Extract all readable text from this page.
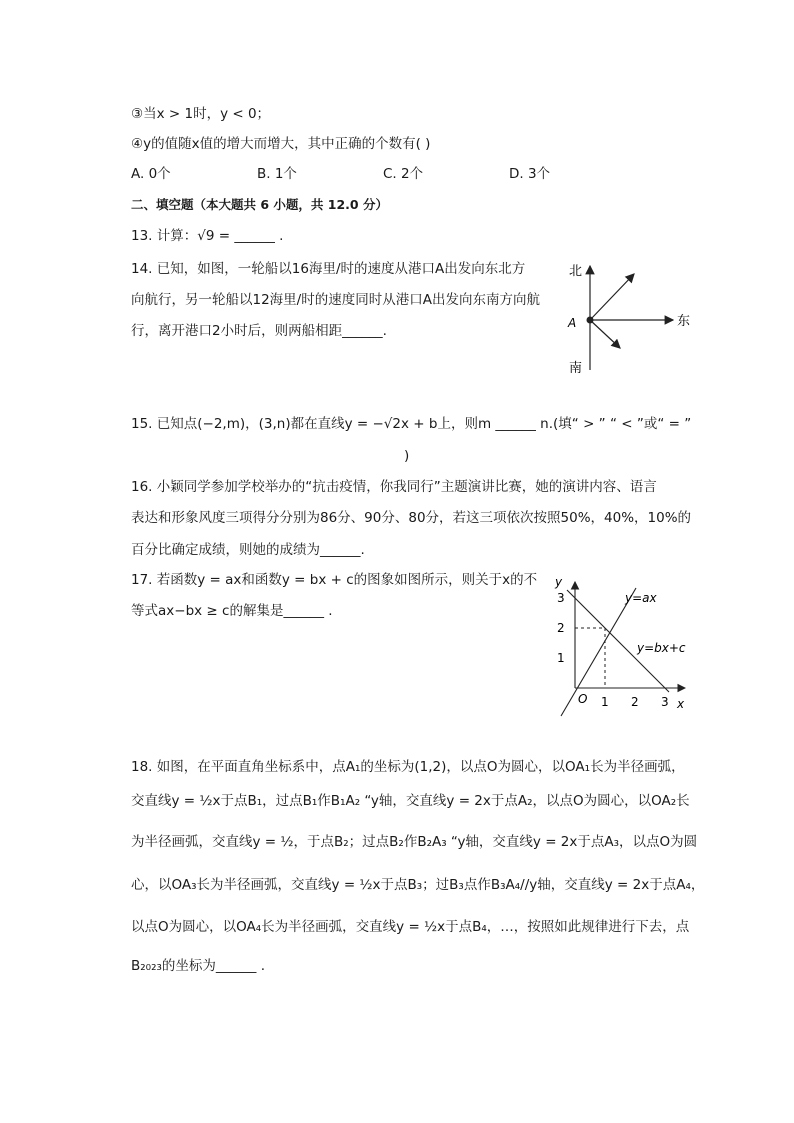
③当x > 1时，y < 0；
④y的值随x值的增大而增大，其中正确的个数有( )
A. 0个	B. 1个	C. 2个	D. 3个
二、填空题（本大题共 6 小题，共 12.0 分）
13. 计算：√9 = ______ .
14. 已知，如图，一轮船以16海里/时的速度从港口A出发向东北方
向航行，另一轮船以12海里/时的速度同时从港口A出发向东南方向航
行，离开港口2小时后，则两船相距______.
北
南
东
A
15. 已知点(−2,m)，(3,n)都在直线y = −√2x + b上，则m ______ n.(填“ > ” “ < ”或“ = ”
)
16. 小颖同学参加学校举办的“抗击疫情，你我同行”主题演讲比赛，她的演讲内容、语言
表达和形象风度三项得分分别为86分、90分、80分，若这三项依次按照50%，40%，10%的
百分比确定成绩，则她的成绩为______.
17. 若函数y = ax和函数y = bx + c的图象如图所示，则关于x的不
等式ax−bx ≥ c的解集是______ .
y
x
O 1 2 3
1
2
3	y=ax
y=bx+c
18. 如图，在平面直角坐标系中，点A₁的坐标为(1,2)，以点O为圆心，以OA₁长为半径画弧，
交直线y = ½x于点B₁，过点B₁作B₁A₂ “y轴，交直线y = 2x于点A₂，以点O为圆心，以OA₂长
为半径画弧，交直线y = ½，于点B₂；过点B₂作B₂A₃ “y轴，交直线y = 2x于点A₃，以点O为圆
心，以OA₃长为半径画弧，交直线y = ½x于点B₃；过B₃点作B₃A₄//y轴，交直线y = 2x于点A₄，
以点O为圆心，以OA₄长为半径画弧，交直线y = ½x于点B₄，…，按照如此规律进行下去，点
B₂₀₂₃的坐标为______ .
